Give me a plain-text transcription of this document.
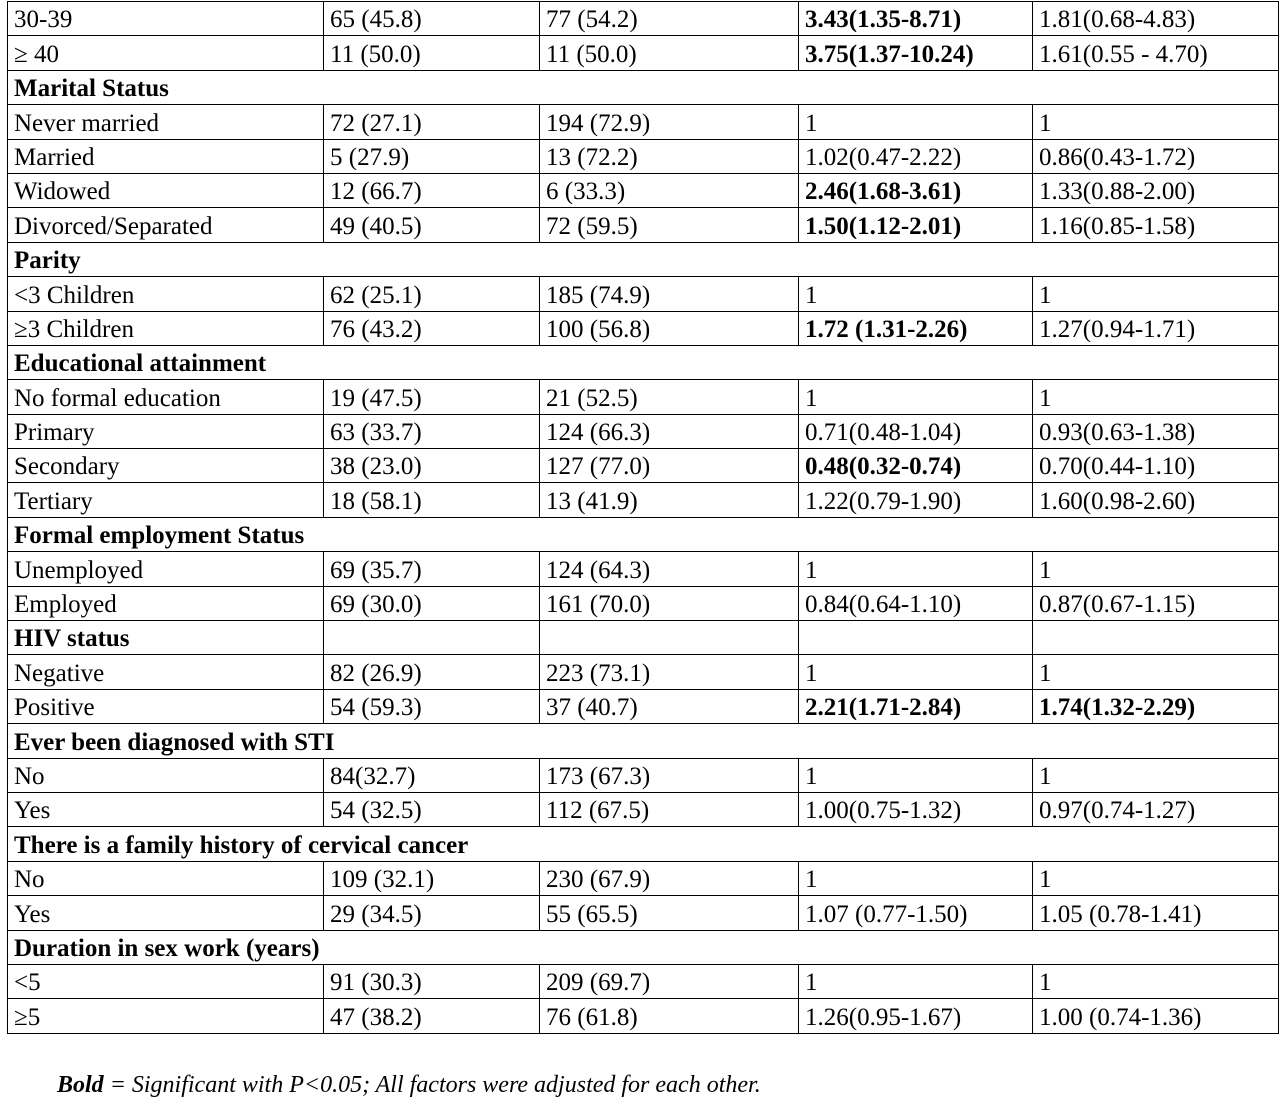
30-39	65 (45.8)	77 (54.2)	3.43(1.35-8.71)	1.81(0.68-4.83)
≥ 40	11 (50.0)	11 (50.0)	3.75(1.37-10.24)	1.61(0.55 - 4.70)
Marital Status				
Never married	72 (27.1)	194 (72.9)	1	1
Married	5 (27.9)	13 (72.2)	1.02(0.47-2.22)	0.86(0.43-1.72)
Widowed	12 (66.7)	6 (33.3)	2.46(1.68-3.61)	1.33(0.88-2.00)
Divorced/Separated	49 (40.5)	72 (59.5)	1.50(1.12-2.01)	1.16(0.85-1.58)
Parity				
<3 Children	62 (25.1)	185 (74.9)	1	1
≥3 Children	76 (43.2)	100 (56.8)	1.72 (1.31-2.26)	1.27(0.94-1.71)
Educational attainment				
No formal education	19 (47.5)	21 (52.5)	1	1
Primary	63 (33.7)	124 (66.3)	0.71(0.48-1.04)	0.93(0.63-1.38)
Secondary	38 (23.0)	127 (77.0)	0.48(0.32-0.74)	0.70(0.44-1.10)
Tertiary	18 (58.1)	13 (41.9)	1.22(0.79-1.90)	1.60(0.98-2.60)
Formal employment Status				
Unemployed	69 (35.7)	124 (64.3)	1	1
Employed	69 (30.0)	161 (70.0)	0.84(0.64-1.10)	0.87(0.67-1.15)
HIV status				
Negative	82 (26.9)	223 (73.1)	1	1
Positive	54 (59.3)	37 (40.7)	2.21(1.71-2.84)	1.74(1.32-2.29)
Ever been diagnosed with STI				
No	84(32.7)	173 (67.3)	1	1
Yes	54 (32.5)	112 (67.5)	1.00(0.75-1.32)	0.97(0.74-1.27)
There is a family history of cervical cancer				
No	109 (32.1)	230 (67.9)	1	1
Yes	29 (34.5)	55 (65.5)	1.07 (0.77-1.50)	1.05 (0.78-1.41)
Duration in sex work (years)				
<5	91 (30.3)	209 (69.7)	1	1
≥5	47 (38.2)	76 (61.8)	1.26(0.95-1.67)	1.00 (0.74-1.36)
Bold = Significant with P<0.05; All factors were adjusted for each other.
